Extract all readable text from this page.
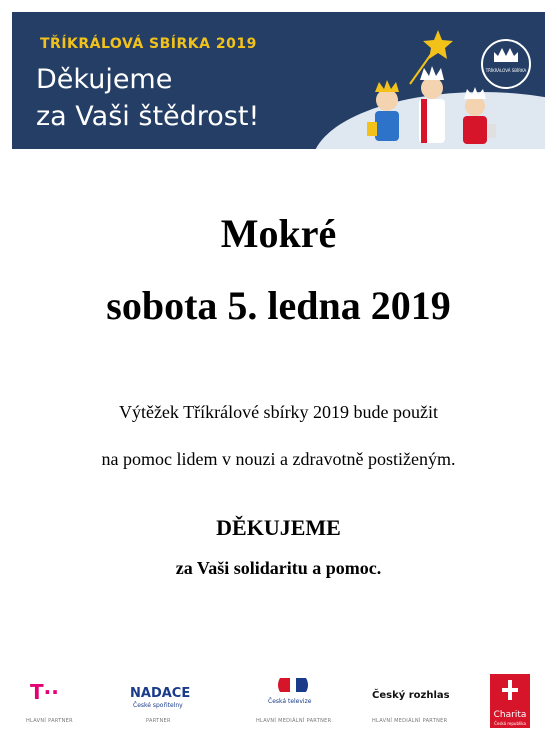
TŘÍKRÁLOVÁ SBÍRKA 2019
Děkujeme
za Vaši štědrost!
TŘÍKRÁLOVÁ SBÍRKA
Mokré
sobota 5. ledna 2019
Výtěžek Tříkrálové sbírky 2019 bude použit
na pomoc lidem v nouzi a zdravotně postiženým.
DĚKUJEME
za Vaši solidaritu a pomoc.
T··
HLAVNÍ PARTNER
NADACE
České spořitelny
PARTNER
Česká televize
HLAVNÍ MEDIÁLNÍ PARTNER
Český rozhlas
HLAVNÍ MEDIÁLNÍ PARTNER
Charita
Česká republika
